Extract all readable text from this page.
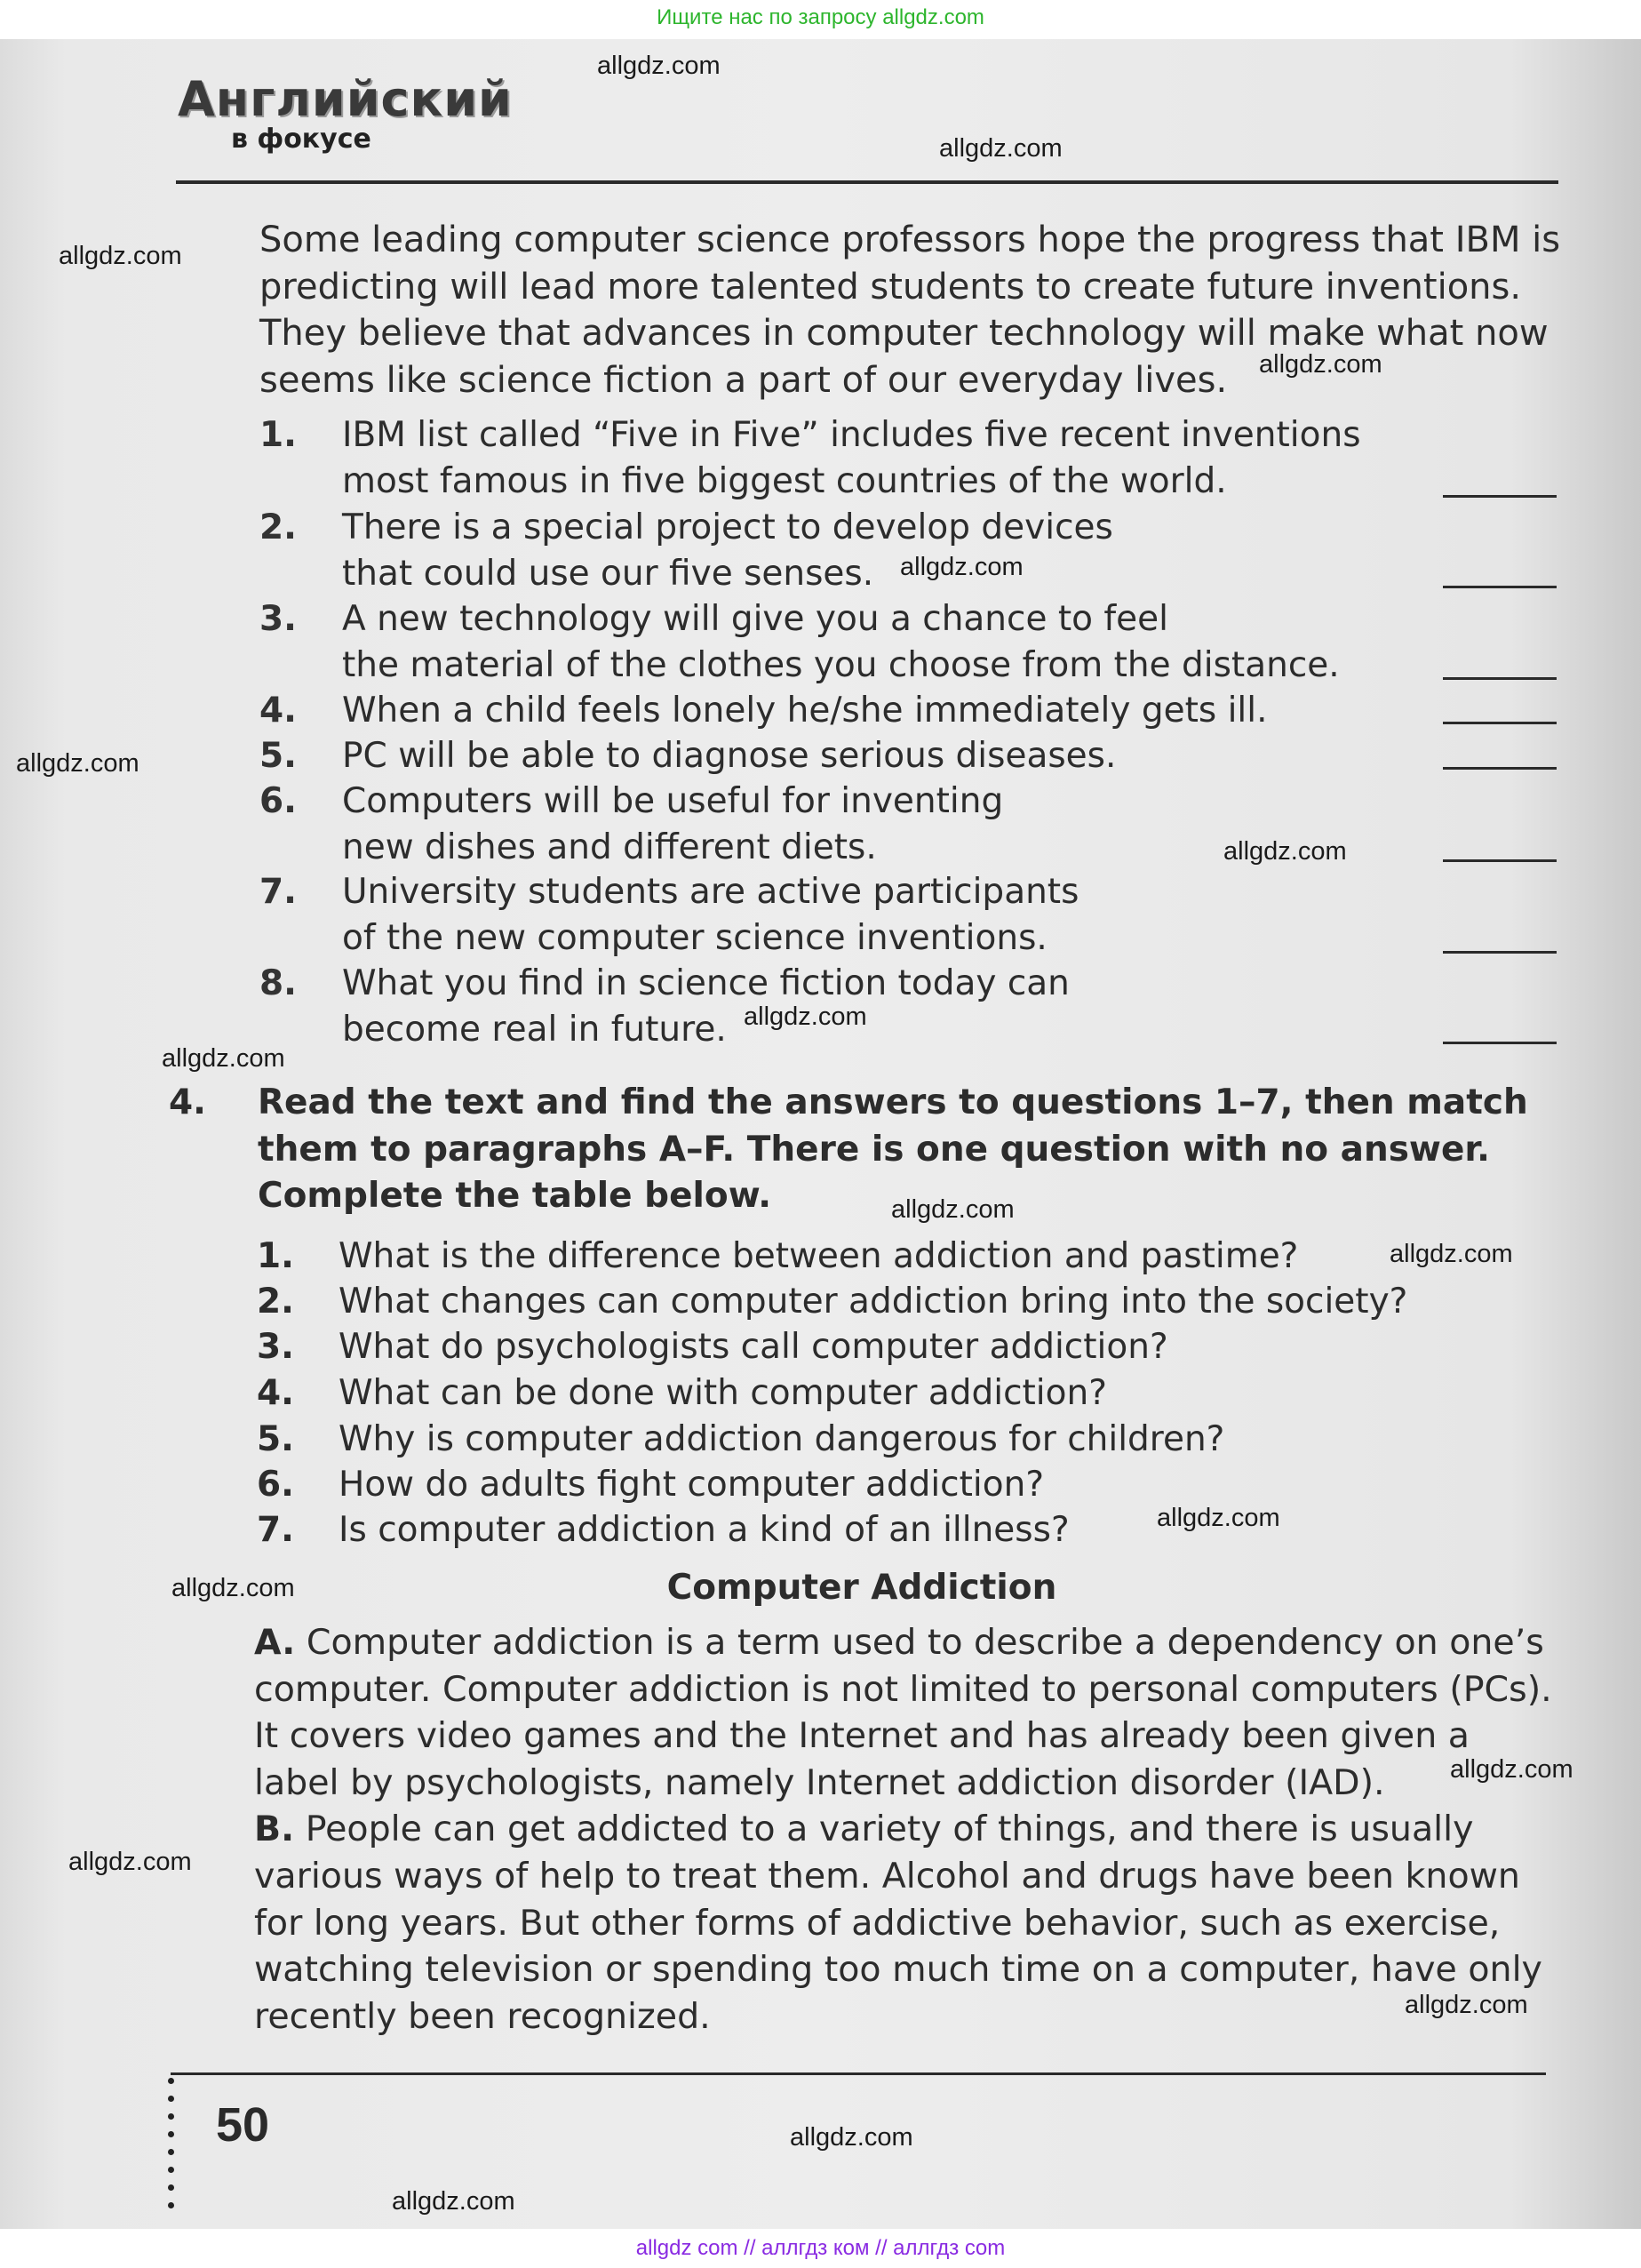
Ищите нас по запросу allgdz.com
Английский
в фокусе

Some leading computer science professors hope the progress that IBM is predicting will lead more talented students to create future inventions. They believe that advances in computer technology will make what now seems like science fiction a part of our everyday lives.

1. IBM list called “Five in Five” includes five recent inventions
most famous in five biggest countries of the world.
2. There is a special project to develop devices
that could use our five senses.
3. A new technology will give you a chance to feel
the material of the clothes you choose from the distance.
4. When a child feels lonely he/she immediately gets ill.
5. PC will be able to diagnose serious diseases.
6. Computers will be useful for inventing
new dishes and different diets.
7. University students are active participants
of the new computer science inventions.
8. What you find in science fiction today can
become real in future.
4. Read the text and find the answers to questions 1–7, then match them to paragraphs A–F. There is one question with no answer. Complete the table below.
1. What is the difference between addiction and pastime?
2. What changes can computer addiction bring into the society?
3. What do psychologists call computer addiction?
4. What can be done with computer addiction?
5. Why is computer addiction dangerous for children?
6. How do adults fight computer addiction?
7. Is computer addiction a kind of an illness?
Computer Addiction

A. Computer addiction is a term used to describe a dependency on one’s computer. Computer addiction is not limited to personal computers (PCs). It covers video games and the Internet and has already been given a label by psychologists, namely Internet addiction disorder (IAD).
B. People can get addicted to a variety of things, and there is usually various ways of help to treat them. Alcohol and drugs have been known for long years. But other forms of addictive behavior, such as exercise, watching television or spending too much time on a computer, have only recently been recognized.

50
allgdz.com
allgdz.com
allgdz.com
allgdz.com
allgdz.com
allgdz.com
allgdz.com
allgdz.com
allgdz.com
allgdz.com
allgdz.com
allgdz.com
allgdz.com
allgdz.com
allgdz.com
allgdz.com
allgdz.com
allgdz.com
allgdz com // аллгдз ком // аллгдз com
